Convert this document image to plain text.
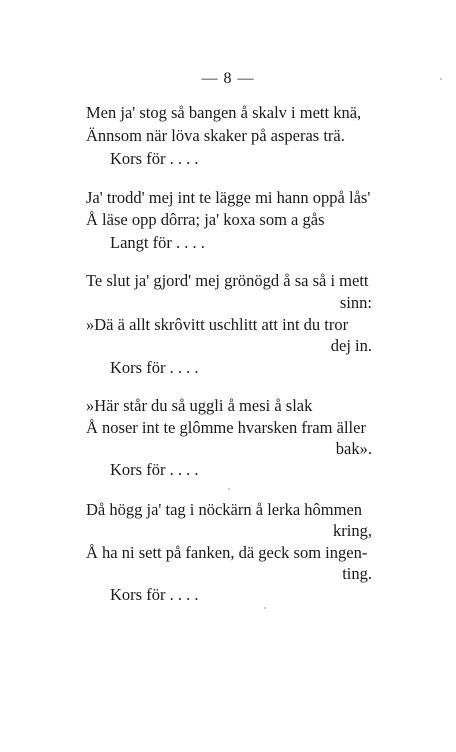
— 8 —
Men ja' stog så bangen å skalv i mett knä,
Ännsom när löva skaker på asperas trä.
Kors för . . . .
Ja' trodd' mej int te lägge mi hann oppå lås'
Å läse opp dôrra; ja' koxa som a gås
Langt för . . . .
Te slut ja' gjord' mej grönögd å sa så i mett
sinn:
»Dä ä allt skrôvitt uschlitt att int du tror
dej in.
Kors för . . . .
»Här står du så uggli å mesi å slak
Å noser int te glômme hvarsken fram äller
bak».
Kors för . . . .
Då högg ja' tag i nöckärn å lerka hômmen
kring,
Å ha ni sett på fanken, dä geck som ingen-
ting.
Kors för . . . .
